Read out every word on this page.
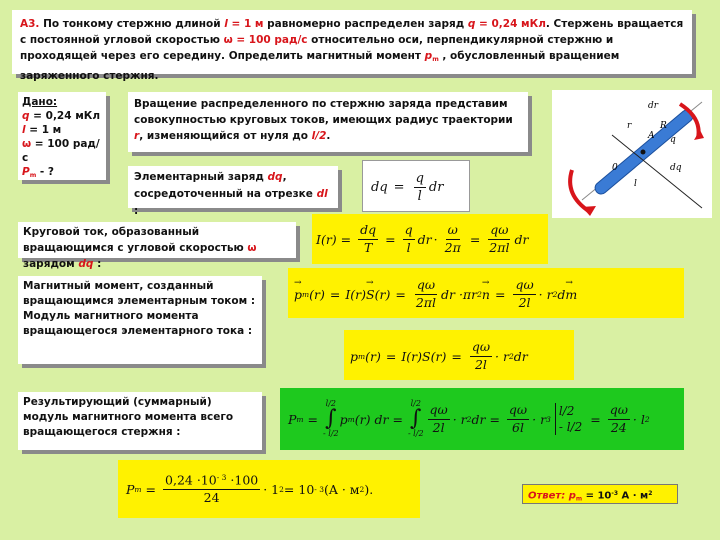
А3. По тонкому стержню длиной l = 1 м равномерно распределен заряд q = 0,24 мКл. Стержень вращается с постоянной угловой скоростью ω = 100 рад/с относительно оси, перпендикулярной стержню и проходящей через его середину. Определить магнитный момент $p_m$ , обусловленный вращением заряженного стержня.
Дано:
q = 0,24 мКл
l = 1 м
ω = 100 рад/с
$P_m$ - ?
Вращение распределенного по стержню заряда представим совокупностью круговых токов, имеющих радиус траектории r, изменяющийся от нуля до l/2.
dr
r
A q
R
dq
l
0
Элементарный заряд dq, сосредоточенный на отрезке dl :
dq = $\frac{q}{l}$ dr
Круговой ток, образованный вращающимся с угловой скоростью ω зарядом dq :
$I(r) = \frac{dq}{T} = \frac{q}{l}$ dr · $\frac{\omega}{2\pi} = \frac{q\omega}{2\pi l}$ dr
Магнитный момент, созданный вращающимся элементарным током :
Модуль магнитного момента вращающегося элементарного тока :
→ p m (r) = I(r)
→ S $(r) = \frac{q\omega}{2\pi l}$ dr ·πr 2
→ $n = \frac{q\omega}{2l} \cdot r$ 2 d
→ m
p m $(r) = I(r)S(r) = \frac{q\omega}{2l} \cdot r$ 2 dr
Результирующий (суммарный) модуль магнитного момента всего вращающегося стержня :
P m =
l/2
∫
- l/2
p m (r) dr =
l/2
∫
- $l/2 \frac{q\omega}{2l} \cdot r$ 2 dr = $\frac{q\omega}{6l} \cdot r$ 3
l/2
- l/2
= $\frac{q\omega}{24} \cdot l$ 2
P $m = \frac{0,24 \cdot 10^{- 3} \cdot 100}{24} \cdot 1$ 2 = 10 - 3 (A · м 2 ).	Ответ: $p_m = 10^{-3}$ $A \cdot м^2$
